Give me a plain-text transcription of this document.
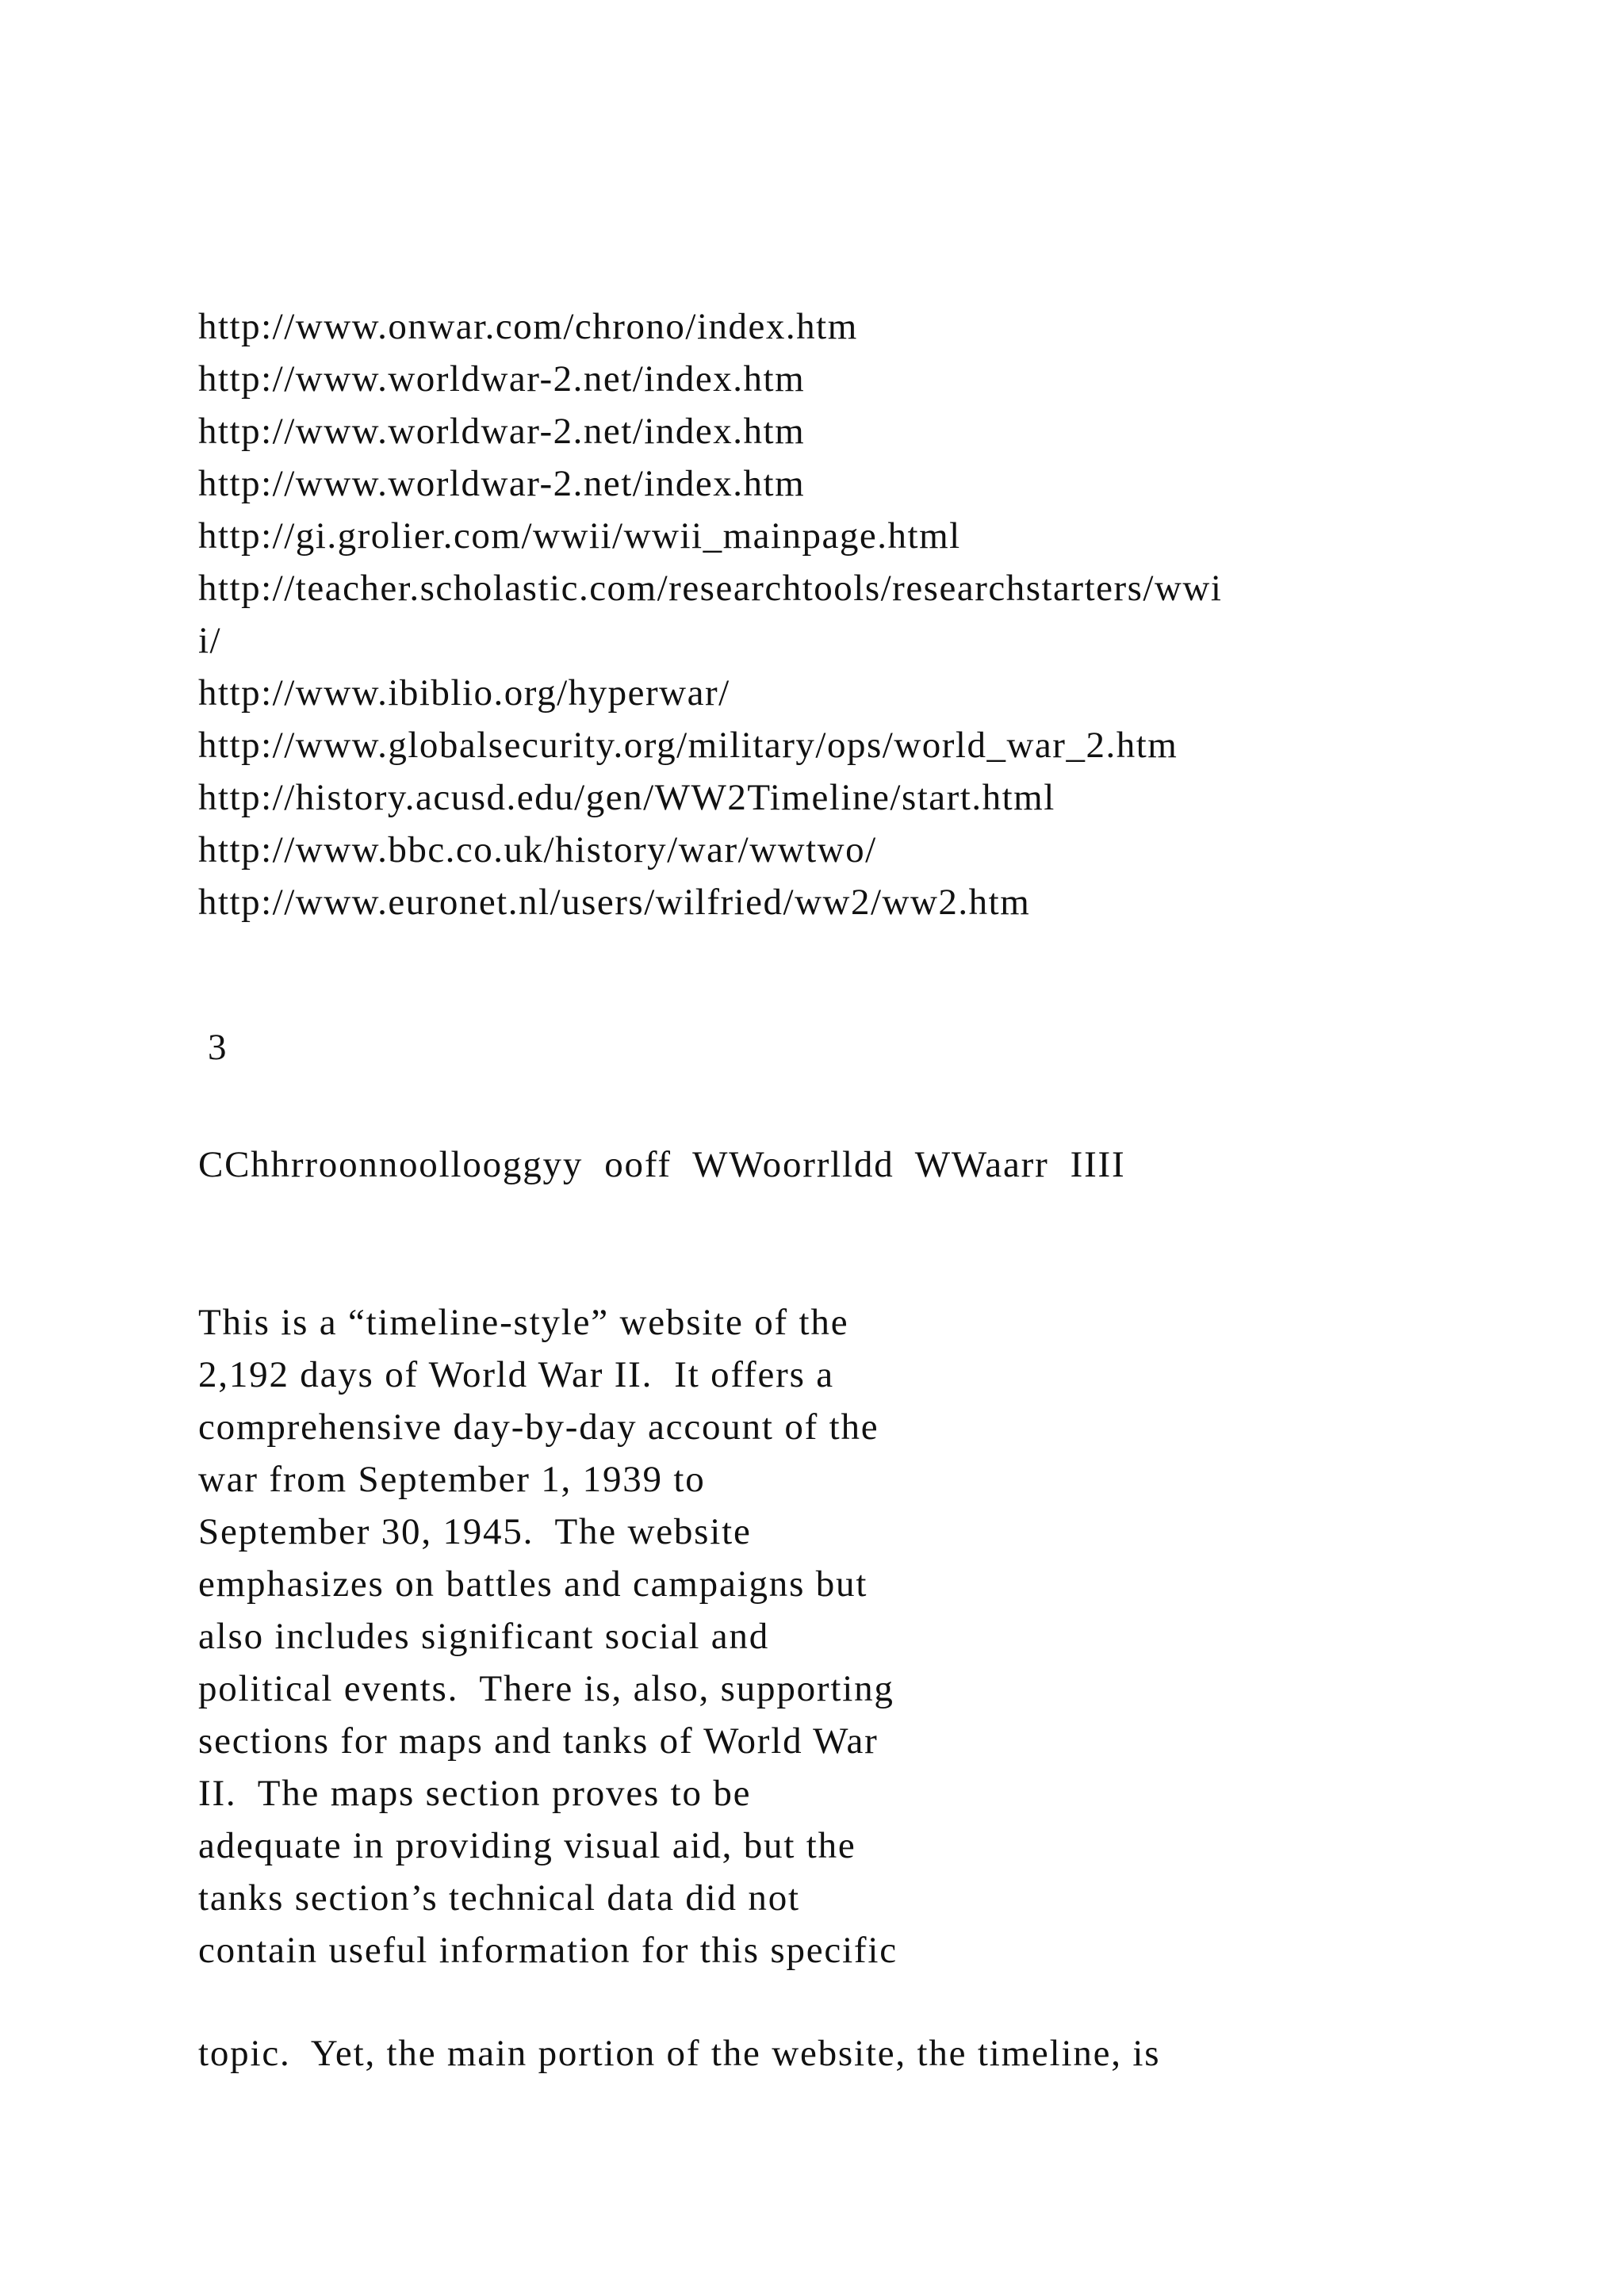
http://www.onwar.com/chrono/index.htm

http://www.worldwar-2.net/index.htm

http://www.worldwar-2.net/index.htm

http://www.worldwar-2.net/index.htm

http://gi.grolier.com/wwii/wwii_mainpage.html

http://teacher.scholastic.com/researchtools/researchstarters/wwi

i/

http://www.ibiblio.org/hyperwar/

http://www.globalsecurity.org/military/ops/world_war_2.htm

http://history.acusd.edu/gen/WW2Timeline/start.html

http://www.bbc.co.uk/history/war/wwtwo/

http://www.euronet.nl/users/wilfried/ww2/ww2.htm

3

CChhrroonnoollooggyy  ooff  WWoorrlldd  WWaarr  IIII

This is a “timeline-style” website of the

2,192 days of World War II.  It offers a

comprehensive day-by-day account of the

war from September 1, 1939 to

September 30, 1945.  The website

emphasizes on battles and campaigns but

also includes significant social and

political events.  There is, also, supporting

sections for maps and tanks of World War

II.  The maps section proves to be

adequate in providing visual aid, but the

tanks section’s technical data did not

contain useful information for this specific

topic.  Yet, the main portion of the website, the timeline, is
